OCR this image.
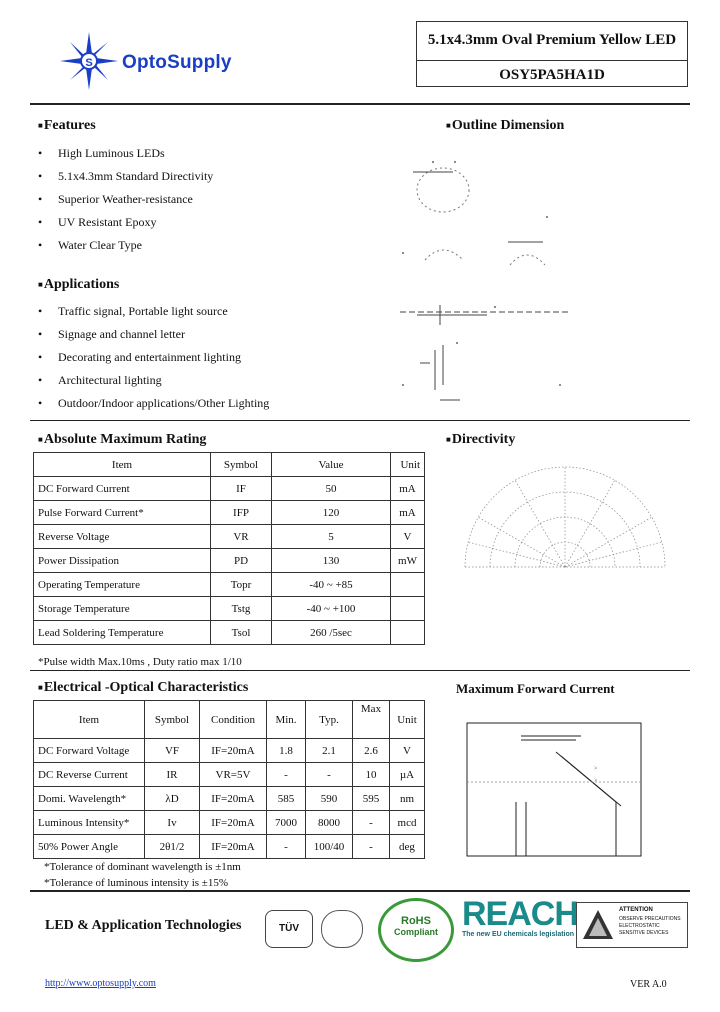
S OptoSupply
5.1x4.3mm Oval Premium Yellow LED
OSY5PA5HA1D
■ Features
• High Luminous LEDs
• 5.1x4.3mm Standard Directivity
• Superior Weather-resistance
• UV Resistant Epoxy
• Water Clear Type
■ Applications
• Traffic signal, Portable light source
• Signage and channel letter
• Decorating and entertainment lighting
• Architectural lighting
• Outdoor/Indoor applications/Other Lighting
■ Outline Dimension
■ Absolute Maximum Rating
Item	Symbol	Value	Unit
DC Forward Current	IF	50	mA
Pulse Forward Current*	IFP	120	mA
Reverse Voltage	VR	5	V
Power Dissipation	PD	130	mW
Operating Temperature	Topr	-40 ~ +85	
Storage Temperature	Tstg	-40 ~ +100	
Lead Soldering Temperature	Tsol	260 /5sec	
*Pulse width Max.10ms , Duty ratio max 1/10
■ Directivity
■ Electrical -Optical Characteristics
Item	Symbol	Condition	Min.	Typ.	Max	Unit
DC Forward Voltage	VF	IF=20mA	1.8	2.1	2.6	V
DC Reverse Current	IR	VR=5V	-	-	10	µA
Domi. Wavelength*	λD	IF=20mA	585	590	595	nm
Luminous Intensity*	Iv	IF=20mA	7000	8000	-	mcd
50% Power Angle	2θ1/2	IF=20mA	-	100/40	-	deg
*Tolerance of dominant wavelength is ±1nm
*Tolerance of luminous intensity is ±15%
Maximum Forward Current
>
>
LED & Application Technologies	TÜV
RoHS
Compliant REACH
The new EU chemicals legislation
ATTENTION
OBSERVE PRECAUTIONS ELECTROSTATIC SENSITIVE DEVICES
http://www.optosupply.com	VER A.0
